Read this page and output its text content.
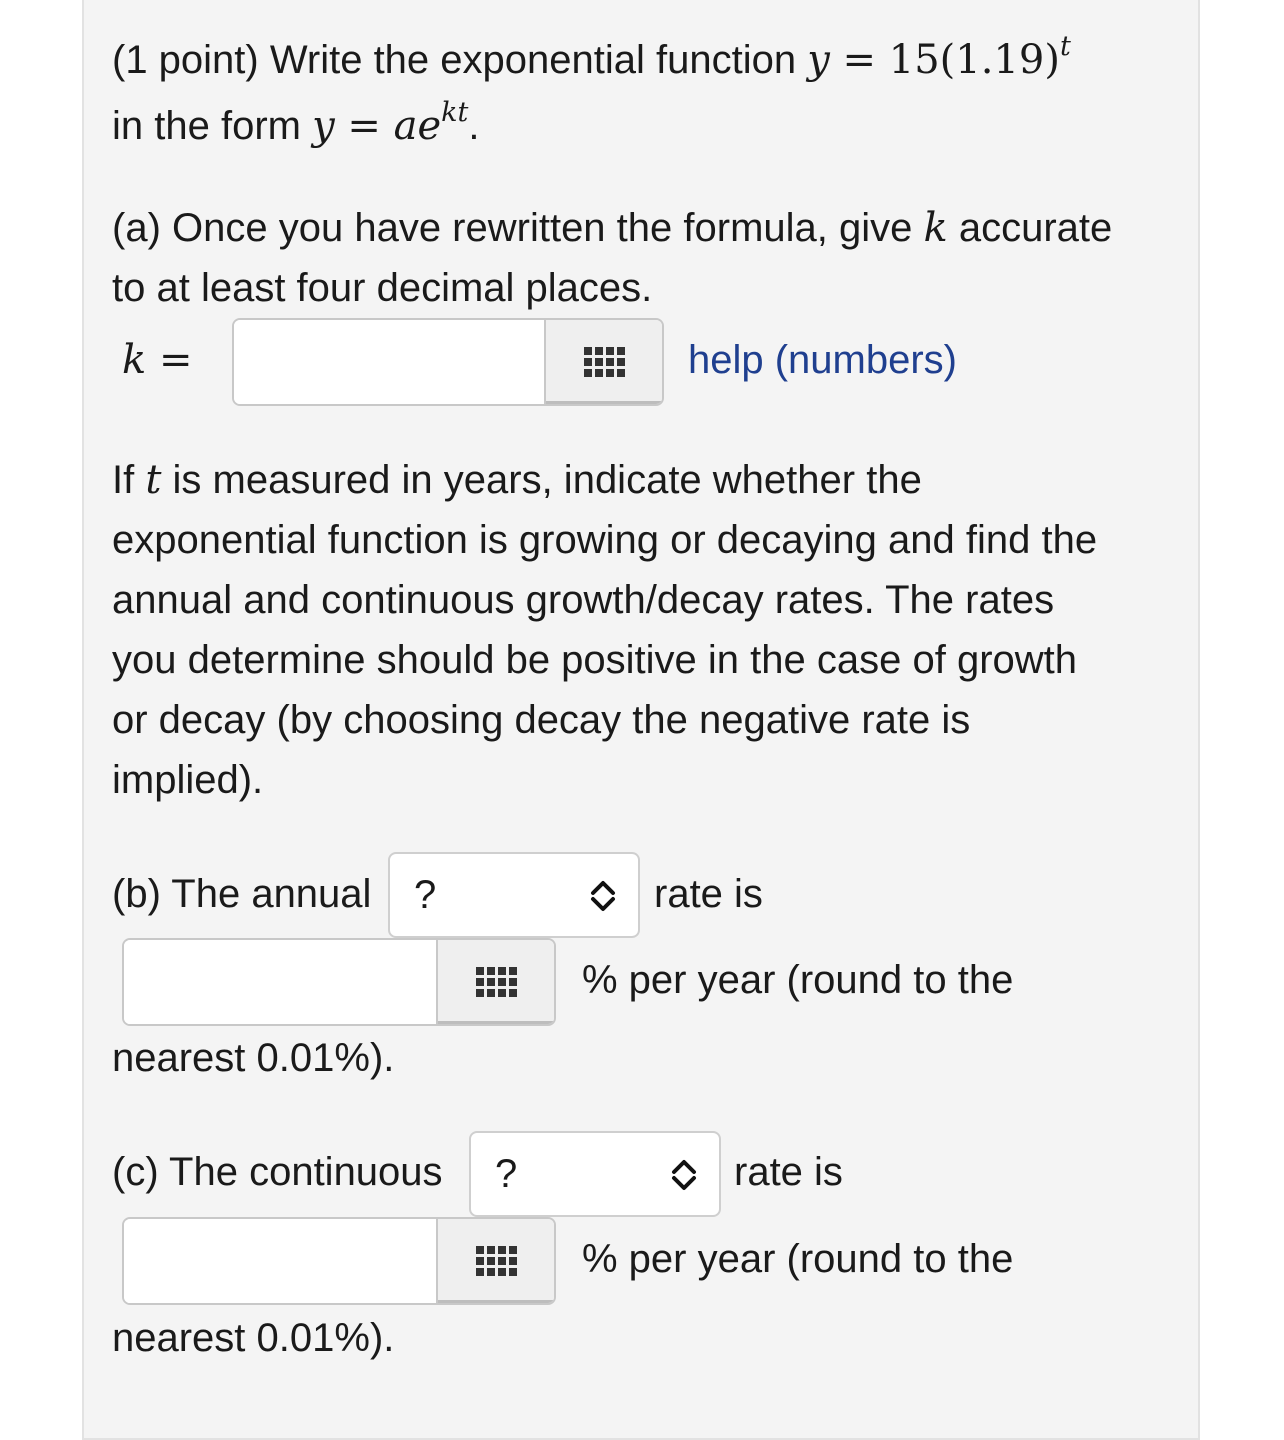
(1 point) Write the exponential function $y = 15(1.19)^t$
in the form $y = ae^{kt}$.
(a) Once you have rewritten the formula, give k accurate
to at least four decimal places.
k =	help (numbers)
If t is measured in years, indicate whether the
exponential function is growing or decaying and find the
annual and continuous growth/decay rates. The rates
you determine should be positive in the case of growth
or decay (by choosing decay the negative rate is
implied).
(b) The annual	?	rate is
% per year (round to the
nearest 0.01%).
(c) The continuous	?	rate is
% per year (round to the
nearest 0.01%).
